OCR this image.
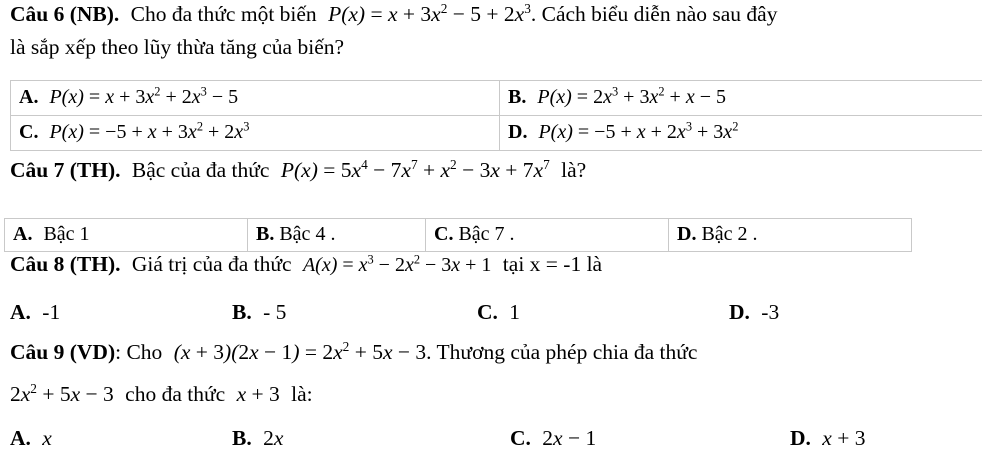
Câu 6 (NB). Cho đa thức một biến $P(x) = x + 3x^2 - 5 + 2x^3$. Cách biểu diễn nào sau đây
là sắp xếp theo lũy thừa tăng của biến?
A. $P(x) = x + 3x^2 + 2x^3 - 5$	B. $P(x) = 2x^3 + 3x^2 + x - 5$
C. $P(x) = -5 + x + 3x^2 + 2x^3$	D. $P(x) = -5 + x + 2x^3 + 3x^2$
Câu 7 (TH). Bậc của đa thức $P(x) = 5x^4 - 7x^7 + x^2 - 3x + 7x^7$ là?
A. Bậc 1	B. Bậc 4 .	C. Bậc 7 .	D. Bậc 2 .
Câu 8 (TH). Giá trị của đa thức $A(x) = x^3 - 2x^2 - 3x + 1$ tại x = -1 là
A. -1	B. - 5	C. 1	D. -3
Câu 9 (VD): Cho $(x + 3)(2x - 1) = 2x^2 + 5x - 3$. Thương của phép chia đa thức
$2x^2 + 5x - 3$ cho đa thức x + 3 là:
A. x	B. 2x	C. 2x − 1	D. x + 3
